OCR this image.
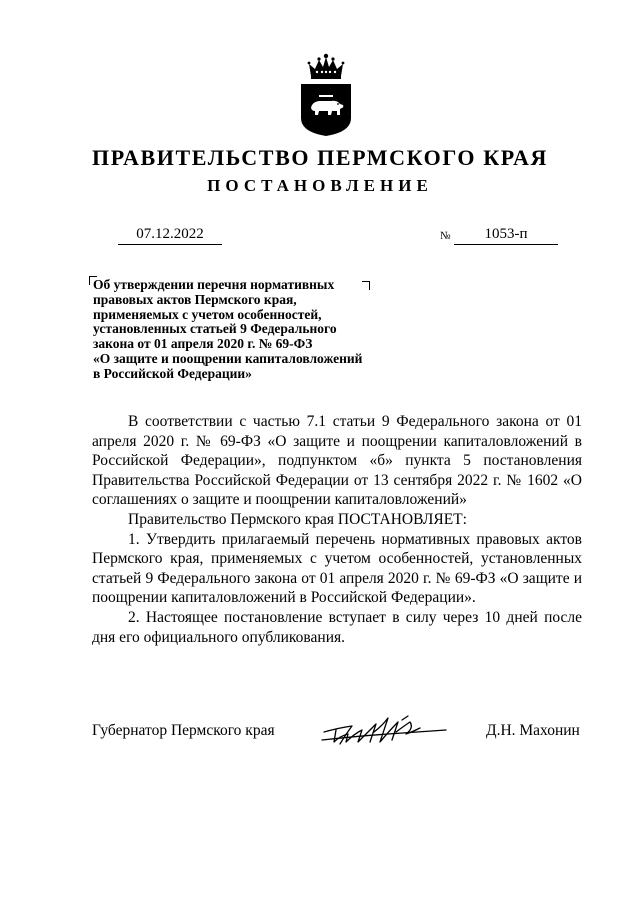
ПРАВИТЕЛЬСТВО ПЕРМСКОГО КРАЯ
ПОСТАНОВЛЕНИЕ
07.12.2022	№	1053-п
Об утверждении перечня нормативных
правовых актов Пермского края,
применяемых с учетом особенностей,
установленных статьей 9 Федерального
закона от 01 апреля 2020 г. № 69-ФЗ
«О защите и поощрении капиталовложений
в Российской Федерации»

В соответствии с частью 7.1 статьи 9 Федерального закона от 01 апреля 2020 г. № 69-ФЗ «О защите и поощрении капиталовложений в Российской Федерации», подпунктом «б» пункта 5 постановления Правительства Российской Федерации от 13 сентября 2022 г. № 1602 «О соглашениях о защите и поощрении капиталовложений»

Правительство Пермского края ПОСТАНОВЛЯЕТ:

1. Утвердить прилагаемый перечень нормативных правовых актов Пермского края, применяемых с учетом особенностей, установленных статьей 9 Федерального закона от 01 апреля 2020 г. № 69-ФЗ «О защите и поощрении капиталовложений в Российской Федерации».

2. Настоящее постановление вступает в силу через 10 дней после дня его официального опубликования.

Губернатор Пермского края	Д.Н. Махонин
